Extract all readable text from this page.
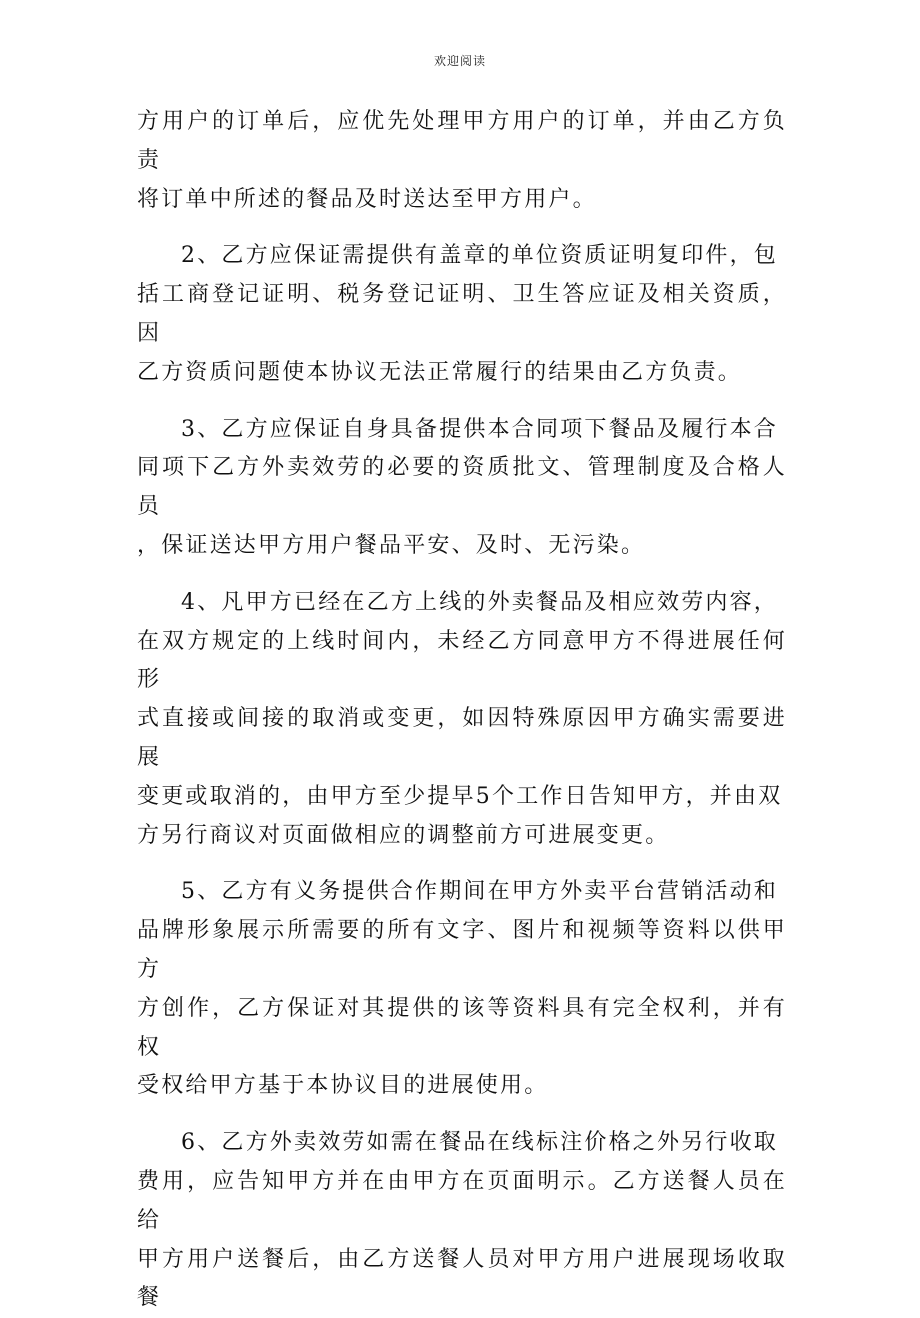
欢迎阅读
方用户的订单后，应优先处理甲方用户的订单，并由乙方负责
将订单中所述的餐品及时送达至甲方用户。
2、乙方应保证需提供有盖章的单位资质证明复印件，包
括工商登记证明、税务登记证明、卫生答应证及相关资质，因
乙方资质问题使本协议无法正常履行的结果由乙方负责。
3、乙方应保证自身具备提供本合同项下餐品及履行本合
同项下乙方外卖效劳的必要的资质批文、管理制度及合格人员
，保证送达甲方用户餐品平安、及时、无污染。
4、凡甲方已经在乙方上线的外卖餐品及相应效劳内容，
在双方规定的上线时间内，未经乙方同意甲方不得进展任何形
式直接或间接的取消或变更，如因特殊原因甲方确实需要进展
变更或取消的，由甲方至少提早5个工作日告知甲方，并由双
方另行商议对页面做相应的调整前方可进展变更。
5、乙方有义务提供合作期间在甲方外卖平台营销活动和
品牌形象展示所需要的所有文字、图片和视频等资料以供甲方
方创作，乙方保证对其提供的该等资料具有完全权利，并有权
受权给甲方基于本协议目的进展使用。
6、乙方外卖效劳如需在餐品在线标注价格之外另行收取
费用，应告知甲方并在由甲方在页面明示。乙方送餐人员在给
甲方用户送餐后，由乙方送餐人员对甲方用户进展现场收取餐
